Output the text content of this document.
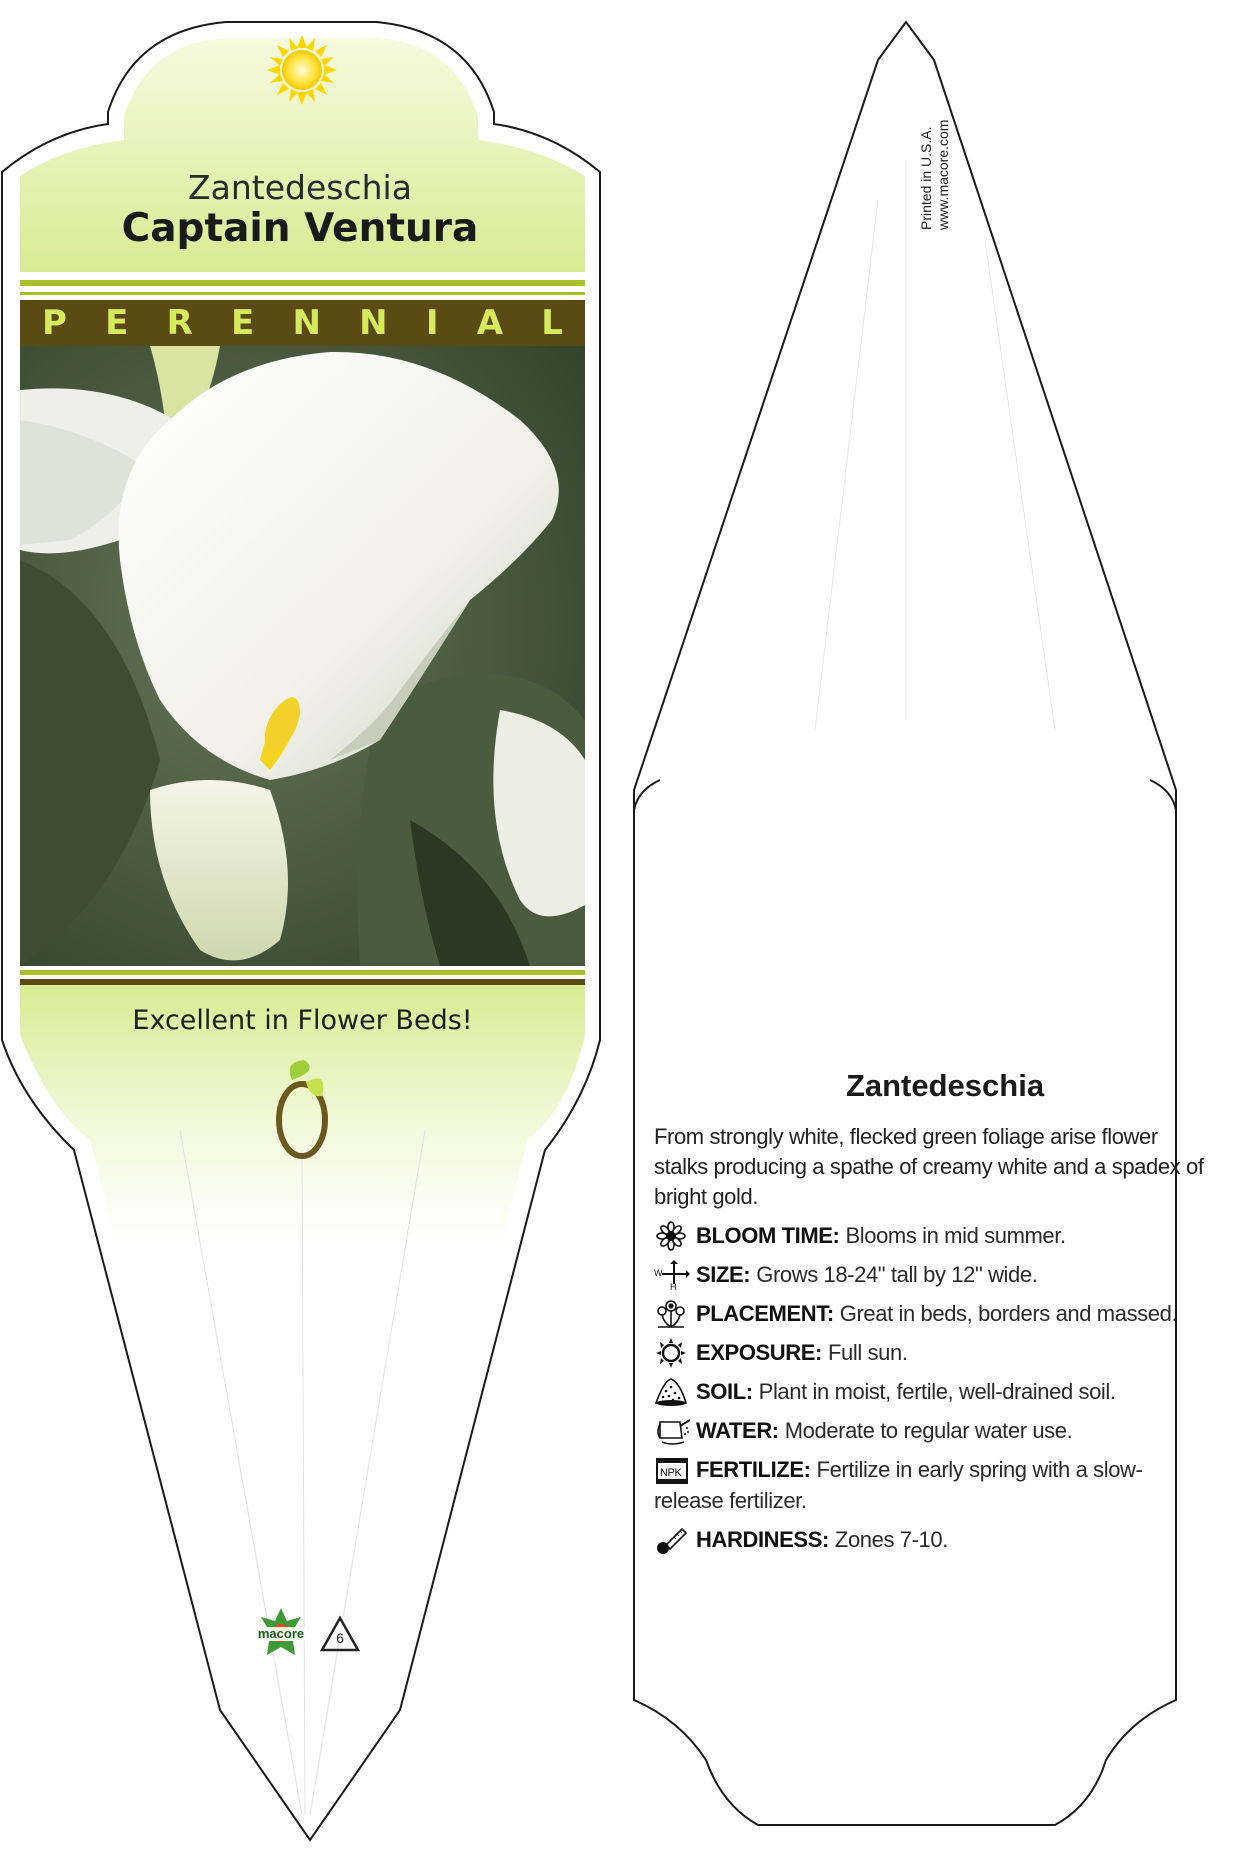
Zantedeschia
Captain Ventura
P E R E N N I A L
Excellent in Flower Beds!
macore	6
Printed in U.S.A. www.macore.com
Zantedeschia

From strongly white, flecked green foliage arise flower stalks producing a spathe of creamy white and a spadex of bright gold.

BLOOM TIME: Blooms in mid summer.
W
H SIZE: Grows 18-24" tall by 12" wide.
PLACEMENT: Great in beds, borders and massed.
EXPOSURE: Full sun.
SOIL: Plant in moist, fertile, well-drained soil.
WATER: Moderate to regular water use.
NPK FERTILIZE: Fertilize in early spring with a slow-release fertilizer.
HARDINESS: Zones 7-10.
